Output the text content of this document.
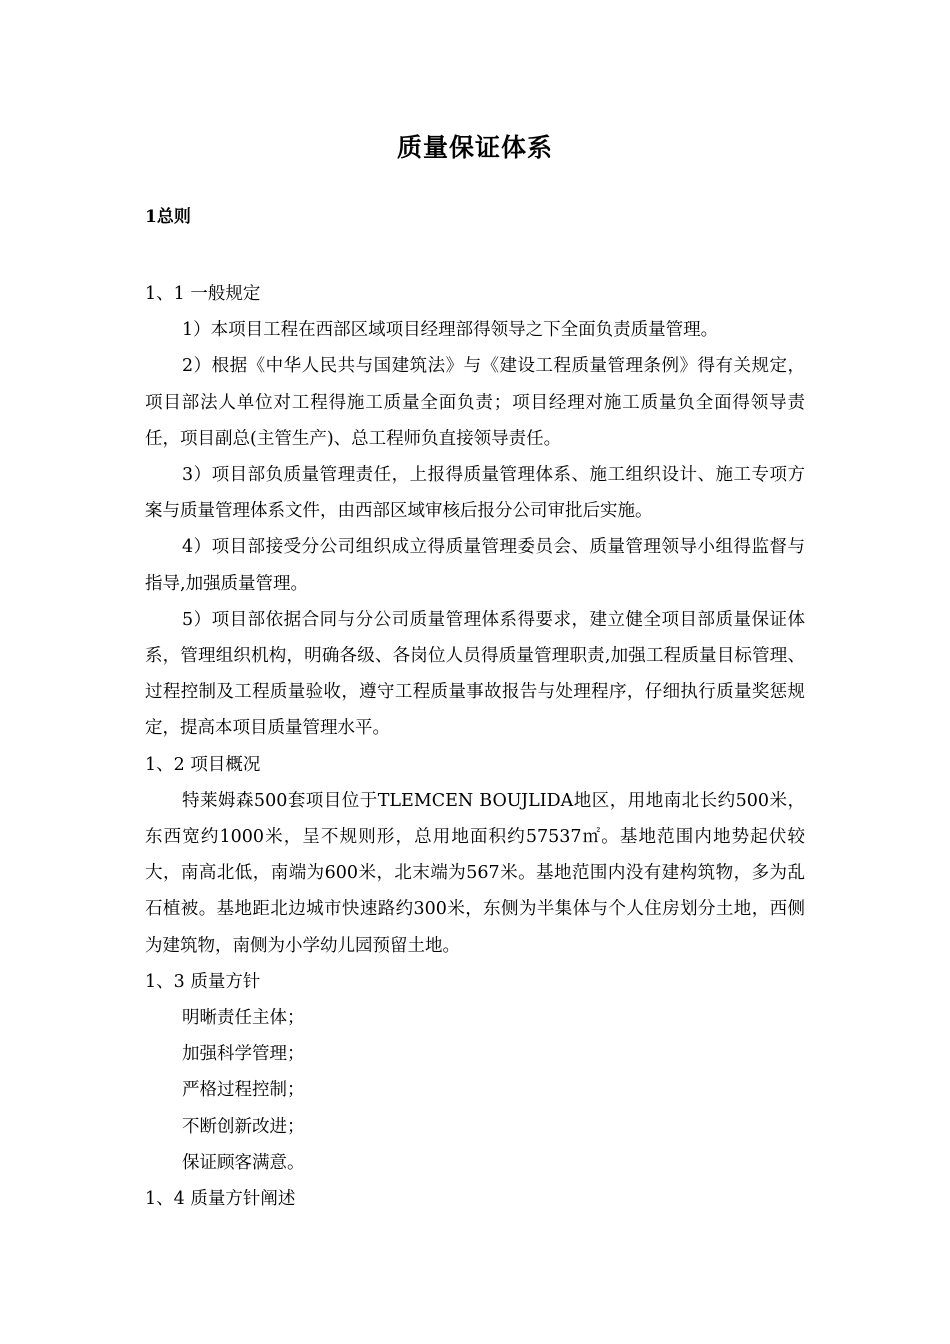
质量保证体系
1总则

1、1 一般规定

1）本项目工程在西部区域项目经理部得领导之下全面负责质量管理。

2）根据《中华人民共与国建筑法》与《建设工程质量管理条例》得有关规定，项目部法人单位对工程得施工质量全面负责；项目经理对施工质量负全面得领导责任，项目副总(主管生产)、总工程师负直接领导责任。

3）项目部负质量管理责任，上报得质量管理体系、施工组织设计、施工专项方案与质量管理体系文件，由西部区域审核后报分公司审批后实施。

4）项目部接受分公司组织成立得质量管理委员会、质量管理领导小组得监督与指导,加强质量管理。

5）项目部依据合同与分公司质量管理体系得要求，建立健全项目部质量保证体系，管理组织机构，明确各级、各岗位人员得质量管理职责,加强工程质量目标管理、过程控制及工程质量验收，遵守工程质量事故报告与处理程序，仔细执行质量奖惩规定，提高本项目质量管理水平。

1、2 项目概况

特莱姆森500套项目位于TLEMCEN BOUJLIDA地区，用地南北长约500米，东西宽约1000米，呈不规则形，总用地面积约57537㎡。基地范围内地势起伏较大，南高北低，南端为600米，北末端为567米。基地范围内没有建构筑物，多为乱石植被。基地距北边城市快速路约300米，东侧为半集体与个人住房划分土地，西侧为建筑物，南侧为小学幼儿园预留土地。

1、3 质量方针

明晰责任主体；

加强科学管理；

严格过程控制；

不断创新改进；

保证顾客满意。

1、4 质量方针阐述
